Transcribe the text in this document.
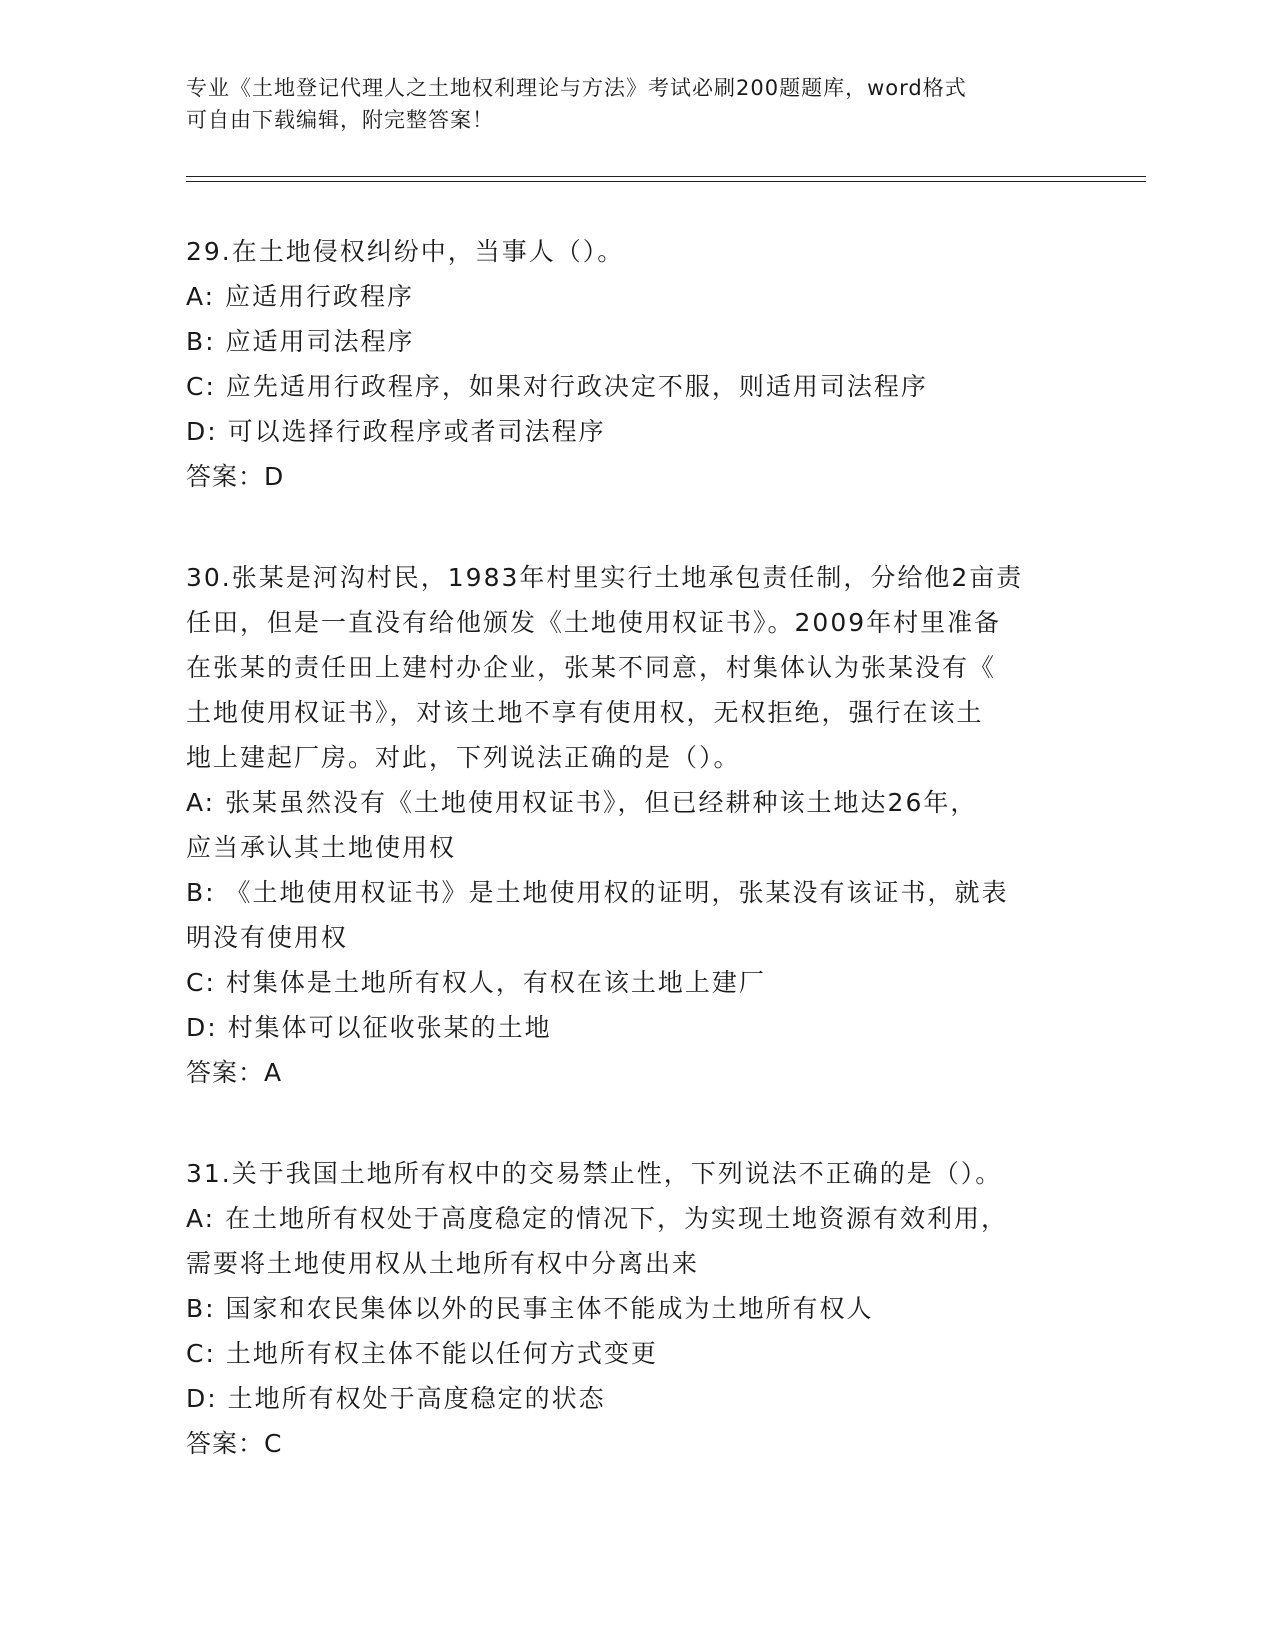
专业《土地登记代理人之土地权利理论与方法》考试必刷200题题库，word格式
可自由下载编辑，附完整答案！
29.在土地侵权纠纷中，当事人（）。
A: 应适用行政程序
B: 应适用司法程序
C: 应先适用行政程序，如果对行政决定不服，则适用司法程序
D: 可以选择行政程序或者司法程序
答案：D
30.张某是河沟村民，1983年村里实行土地承包责任制，分给他2亩责
任田，但是一直没有给他颁发《土地使用权证书》。2009年村里准备
在张某的责任田上建村办企业，张某不同意，村集体认为张某没有《
土地使用权证书》，对该土地不享有使用权，无权拒绝，强行在该土
地上建起厂房。对此，下列说法正确的是（）。
A: 张某虽然没有《土地使用权证书》，但已经耕种该土地达26年，
应当承认其土地使用权
B: 《土地使用权证书》是土地使用权的证明，张某没有该证书，就表
明没有使用权
C: 村集体是土地所有权人，有权在该土地上建厂
D: 村集体可以征收张某的土地
答案：A
31.关于我国土地所有权中的交易禁止性，下列说法不正确的是（）。
A: 在土地所有权处于高度稳定的情况下，为实现土地资源有效利用，
需要将土地使用权从土地所有权中分离出来
B: 国家和农民集体以外的民事主体不能成为土地所有权人
C: 土地所有权主体不能以任何方式变更
D: 土地所有权处于高度稳定的状态
答案：C
